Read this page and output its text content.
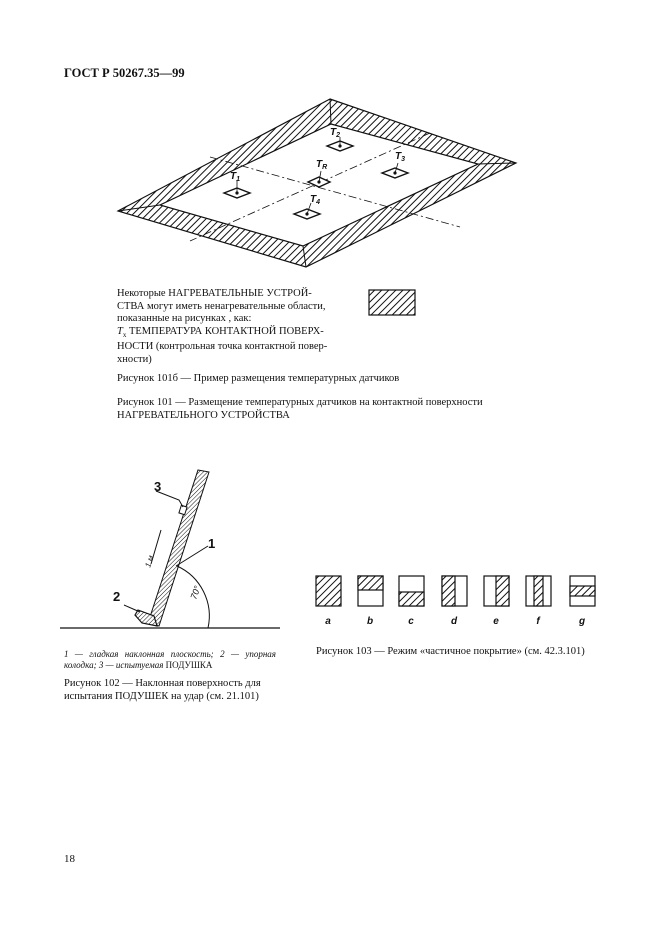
ГОСТ Р 50267.35—99
$T_2$
$T_1$
$T_3$
$T_4$
$T_R$
Некоторые НАГРЕВАТЕЛЬНЫЕ УСТРОЙ-
СТВА могут иметь ненагревательные области,
показанные на рисунках , как:
$T_x$ ТЕМПЕРАТУРА КОНТАКТНОЙ ПОВЕРХ-
НОСТИ (контрольная точка контактной повер-
хности)
Рисунок 101б — Пример размещения температурных датчиков
Рисунок 101 — Размещение температурных датчиков на контактной поверхности
НАГРЕВАТЕЛЬНОГО УСТРОЙСТВА
3
1
2
1 м
70°
1 — гладкая наклонная плоскость; 2 — упорная колодка; 3 — испытуемая ПОДУШКА
Рисунок 102 — Наклонная поверхность для
испытания ПОДУШЕК на удар (см. 21.101)
a	b	c	d	e	f	g
Рисунок 103 — Режим «частичное покрытие» (см. 42.3.101)
18
